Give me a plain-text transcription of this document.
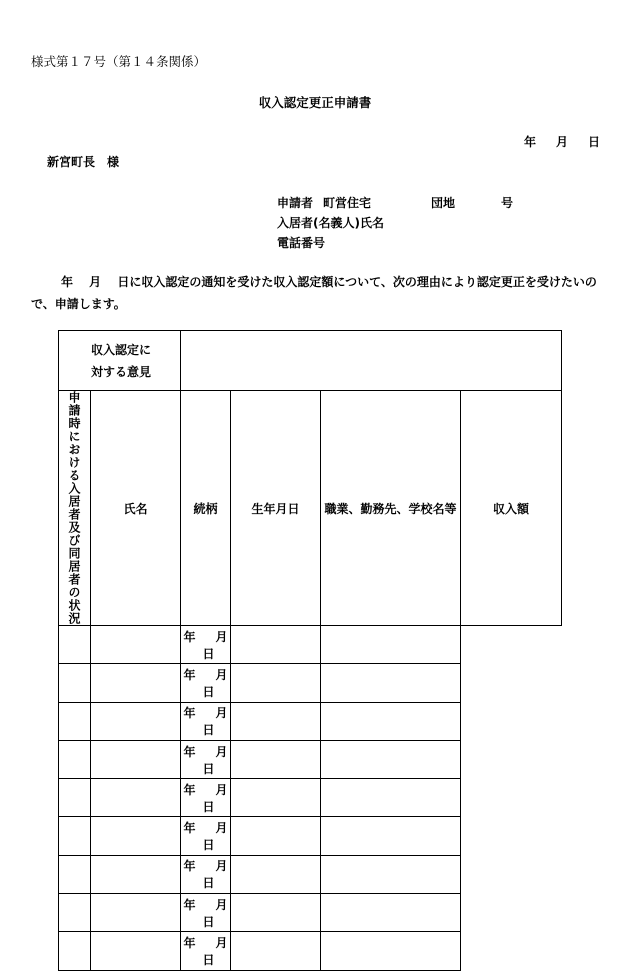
様式第１７号（第１４条関係）
収入認定更正申請書
年 月 日
新宮町長　様
申請者 町営住宅	団地	号
入居者(名義人)氏名
電話番号
年　 月　 日に収入認定の通知を受けた収入認定額について、次の理由により認定更正を受けたいので、申請します。
収入認定に
対する意見					

申請時における入居者及び同居者の状況	氏名	続柄	生年月日	職業、勤務先、学校名等	収入額
		年 月日			
		年 月日			
		年 月日			
		年 月日			
		年 月日			
		年 月日			
		年 月日			
		年 月日			
		年 月日			
